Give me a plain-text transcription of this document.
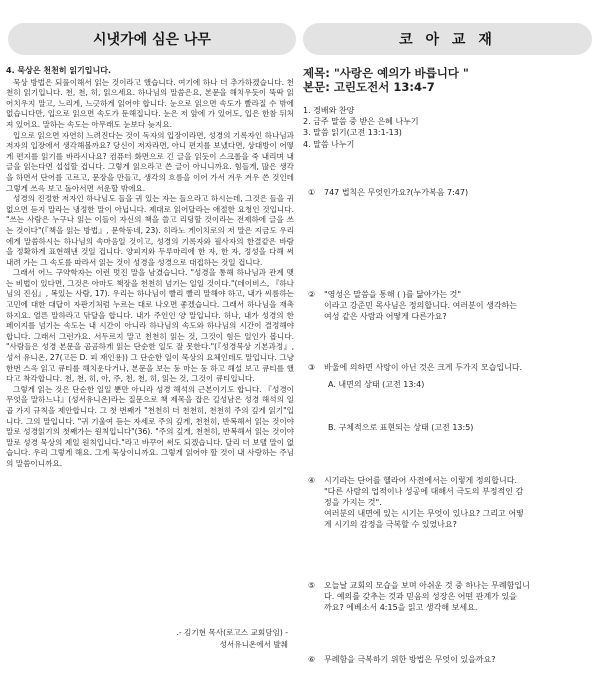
시냇가에 심은 나무	코 아 교 재
4. 묵상은 천천히 읽기입니다.

묵상 방법은 되풀이해서 읽는 것이라고 했습니다. 여기에 하나 더 추가하겠습니다. 천천히 읽기입니다. 천, 천, 히, 읽으세요. 하나님의 말씀은요, 본문을 해치우듯이 뚝딱 읽어치우지 말고, 느리게, 느긋하게 읽어야 합니다. 눈으로 읽으면 속도가 빨라질 수 밖에 없습니다만, 입으로 읽으면 속도가 둔해집니다. 눈은 저 앞에 가 있어도, 입은 한참 뒤처져 있어요. 말하는 속도는 아무래도 눈보다 늦지요.

입으로 읽으면 자연히 느려진다는 것이 독자의 입장이라면, 성경의 기록자인 하나님과 저자의 입장에서 생각해볼까요? 당신이 저자라면, 아니 편지를 보냈다면, 상대방이 어떻게 편지를 읽기를 바라시나요? 컴퓨터 화면으로 긴 글을 읽듯이 스크롤을 죽 내리며 내 글을 읽는다면 섭섭할 겁니다. 그렇게 읽으라고 쓴 글이 아니니까요. 힘들게, 많은 생각을 하면서 단어를 고르고, 문장을 만들고, 생각의 흐름을 이어 가서 겨우 겨우 쓴 것인데 그렇게 쓰윽 보고 돌아서면 서운할 밖에요.

성경의 진정한 저자인 하나님도 들을 귀 있는 자는 들으라고 하시는데, 그것은 들을 귀 없으면 듣지 말라는 냉정한 말이 아닙니다. 제대로 읽어달라는 애절한 요청인 것입니다. "쓰는 사람은 누구나 읽는 이들이 자신의 책을 쓸고 리딩할 것이라는 전제하에 글을 쓰는 것이다"(『책을 읽는 방법』, 문학동네, 23). 히라노 게이치로의 저 말은 지금도 우리에게 말씀하시는 하나님의 속마음일 것이고, 성경의 기록자와 필사자의 한결같은 바람을 정확하게 표현해낸 것일 겁니다. 양피지와 두루마리에 한 자, 한 자, 정성을 다해 써내려 가는 그 속도를 따라서 읽는 것이 성경을 성경으로 대접하는 것일 겁니다.

그래서 어느 구약학자는 이런 멋진 말을 남겼습니다. "성경을 통해 하나님과 관계 맺는 비법이 있다면, 그것은 아마도 책장을 천천히 넘기는 일일 것이다."(데이비스, 『하나님의 진심』, 복있는 사람, 17). 우리는 하나님이 빨리 빨리 말해야 하고, 내가 씨름하는 고민에 대한 대답이 자판기처럼 누르는 대로 나오면 좋겠습니다. 그래서 하나님을 재촉하지요. 얼른 말하라고 닦달을 합니다. 내가 주인인 양 말입니다. 허나, 내가 성경의 한 페이지를 넘기는 속도는 내 시간이 아니라 하나님의 속도와 하나님의 시간이 결정해야 합니다. 그래서 그런가요. 서두르지 말고 천천히 읽는 것, 그것이 힘든 일인가 봅니다. "사람들은 성경 본문을 곰곰하게 읽는 단순한 일도 잘 못한다."(『성경묵상 기본과정』, 성서 유니온, 27(고든 D. 피 재인용)) 그 단순한 일이 묵상의 요체인데도 말입니다. 그냥 한번 스윽 읽고 큐티를 해치운다거나, 본문을 보는 둥 마는 둥 하고 해설 보고 큐티를 했다고 착각합니다. 천, 천, 히, 아, 주, 천, 천, 히, 읽는 것, 그것이 큐티입니다.

그렇게 읽는 것은 단순한 일일 뿐만 아니라 성경 해석의 근본이기도 합니다. 『성경이 무엇을 말하느냐』(성서유니온)라는 질문으로 책 제목을 잡은 길성남은 성경 해석의 일곱 가지 규칙을 제안합니다. 그 첫 번째가 "천천히 더 천천히, 천천히 주의 깊게 읽기"입니다. 그의 말입니다. "귀 기울여 듣는 자세로 주의 깊게, 천천히, 반복해서 읽는 것이야 말로 성경읽기의 첫째가는 원칙입니다"(36). "주의 깊게, 천천히, 반복해서 읽는 것이야 말로 성경 묵상의 제일 원칙입니다."라고 바꾸어 써도 되겠습니다. 달리 더 보탤 말이 없습니다. 우리 그렇게 해요. 그게 묵상이니까요. 그렇게 읽어야 할 것이 내 사랑하는 주님의 말씀이니까요.

.- 김기현 목사(로고스 교회담임) -
성서유니온에서 발췌
제목: "사랑은 예의가 바릅니다 "
본문: 고린도전서 13:4-7
1. 경배와 찬양
2. 금주 말씀 중 받은 은혜 나누기
3. 말씀 읽기(고전 13:1-13)
4. 말씀 나누기
① 747 법칙은 무엇인가요?(누가복음 7:47)
② "영성은 말씀을 통해 ( )를 닮아가는 것"
이라고 강준민 목사님은 정의합니다. 여러분이 생각하는
여성 같은 사람과 어떻게 다른가요?
③ 바울에 의하면 사랑이 아닌 것은 크게 두가지 모습입니다.
A. 내면의 상태 (고전 13:4)
B. 구체적으로 표현되는 상태 (고전 13:5)
④ 시기라는 단어를 헬라어 사전에서는 이렇게 정의합니다.
"다른 사람의 업적이나 성공에 대해서 극도의 부정적인 감
정을 가지는 것".
여러분의 내면에 있는 시기는 무엇이 있나요? 그리고 어떻
게 시기의 감정을 극복할 수 있었나요?
⑤ 오늘날 교회의 모습을 보며 아쉬운 것 중 하나는 무례함입니
다. 예의를 갖추는 것과 믿음의 성장은 어떤 관계가 있을
까요? 에베소서 4:15을 읽고 생각해 보세요.
⑥ 무례함을 극복하기 위한 방법은 무엇이 있을까요?
